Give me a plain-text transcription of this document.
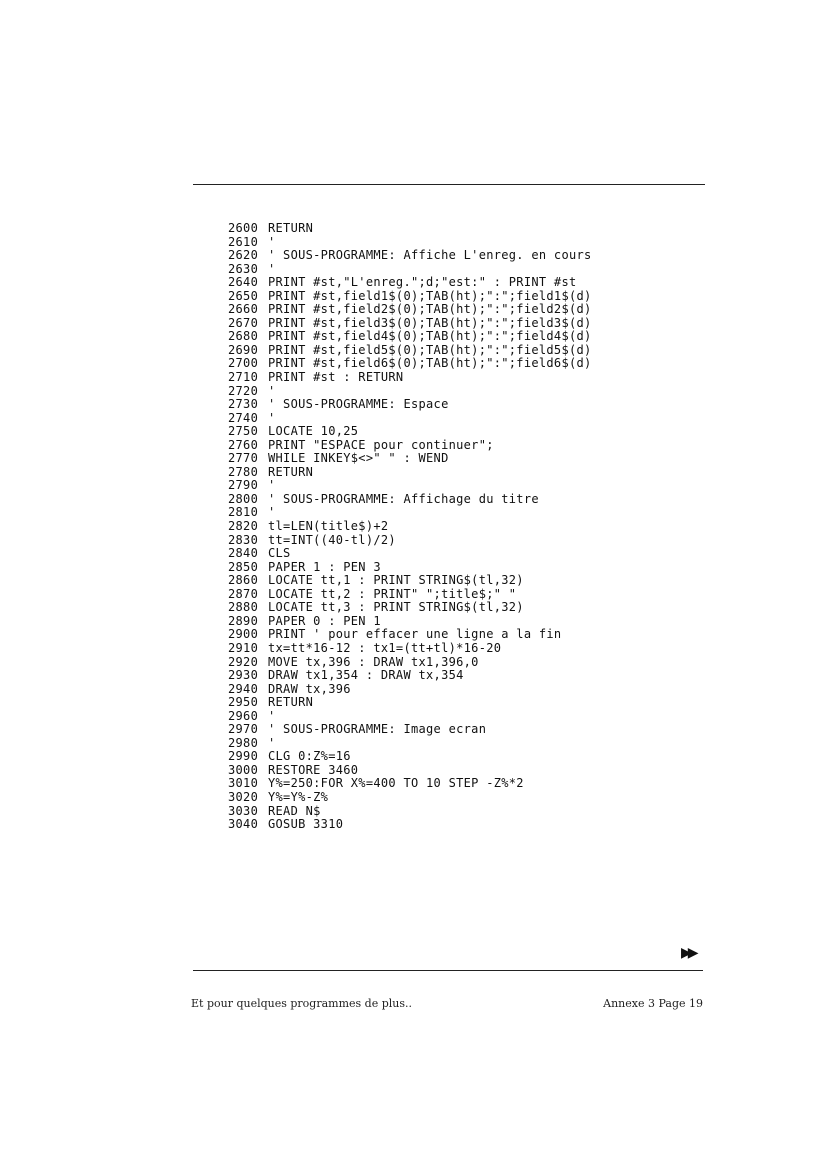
2600 RETURN
2610 '
2620 ' SOUS-PROGRAMME: Affiche L'enreg. en cours
2630 '
2640 PRINT #st,"L'enreg.";d;"est:" : PRINT #st
2650 PRINT #st,field1$(0);TAB(ht);":";field1$(d)
2660 PRINT #st,field2$(0);TAB(ht);":";field2$(d)
2670 PRINT #st,field3$(0);TAB(ht);":";field3$(d)
2680 PRINT #st,field4$(0);TAB(ht);":";field4$(d)
2690 PRINT #st,field5$(0);TAB(ht);":";field5$(d)
2700 PRINT #st,field6$(0);TAB(ht);":";field6$(d)
2710 PRINT #st : RETURN
2720 '
2730 ' SOUS-PROGRAMME: Espace
2740 '
2750 LOCATE 10,25
2760 PRINT "ESPACE pour continuer";
2770 WHILE INKEY$<>" " : WEND
2780 RETURN
2790 '
2800 ' SOUS-PROGRAMME: Affichage du titre
2810 '
2820 tl=LEN(title$)+2
2830 tt=INT((40-tl)/2)
2840 CLS
2850 PAPER 1 : PEN 3
2860 LOCATE tt,1 : PRINT STRING$(tl,32)
2870 LOCATE tt,2 : PRINT" ";title$;" "
2880 LOCATE tt,3 : PRINT STRING$(tl,32)
2890 PAPER 0 : PEN 1
2900 PRINT ' pour effacer une ligne a la fin
2910 tx=tt*16-12 : tx1=(tt+tl)*16-20
2920 MOVE tx,396 : DRAW tx1,396,0
2930 DRAW tx1,354 : DRAW tx,354
2940 DRAW tx,396
2950 RETURN
2960 '
2970 ' SOUS-PROGRAMME: Image ecran
2980 '
2990 CLG 0:Z%=16
3000 RESTORE 3460
3010 Y%=250:FOR X%=400 TO 10 STEP -Z%*2
3020 Y%=Y%-Z%
3030 READ N$
3040 GOSUB 3310
▶▶
Et pour quelques programmes de plus..	Annexe 3 Page 19
